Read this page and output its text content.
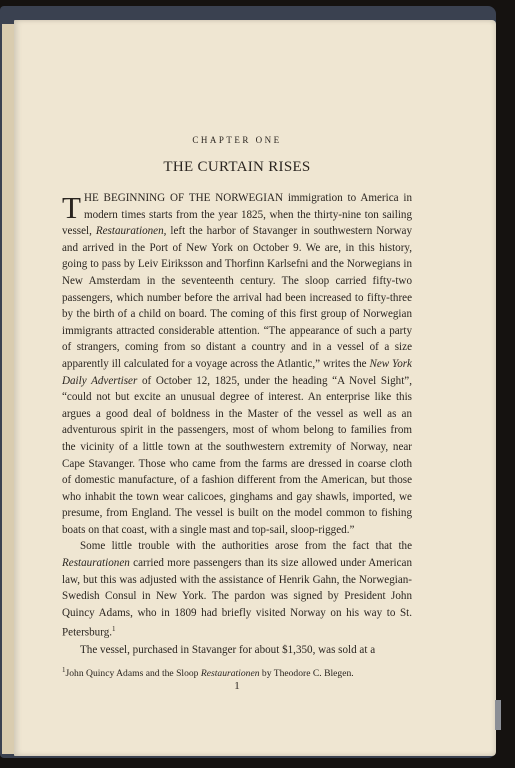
CHAPTER ONE
THE CURTAIN RISES

THE BEGINNING OF THE NORWEGIAN immigration to America in modern times starts from the year 1825, when the thirty-nine ton sailing vessel, Restaurationen, left the harbor of Stavanger in southwestern Norway and arrived in the Port of New York on October 9. We are, in this history, going to pass by Leiv Eiriksson and Thorfinn Karlsefni and the Norwegians in New Amsterdam in the seventeenth century. The sloop carried fifty-two passengers, which number before the arrival had been increased to fifty-three by the birth of a child on board. The coming of this first group of Norwegian immigrants attracted considerable attention. “The appearance of such a party of strangers, coming from so distant a country and in a vessel of a size apparently ill calculated for a voyage across the Atlantic,” writes the New York Daily Advertiser of October 12, 1825, under the heading “A Novel Sight”, “could not but excite an unusual degree of interest. An enterprise like this argues a good deal of boldness in the Master of the vessel as well as an adventurous spirit in the passengers, most of whom belong to families from the vicinity of a little town at the southwestern extremity of Norway, near Cape Stavanger. Those who came from the farms are dressed in coarse cloth of domestic manufacture, of a fashion different from the American, but those who inhabit the town wear calicoes, ginghams and gay shawls, imported, we presume, from England. The vessel is built on the model common to fishing boats on that coast, with a single mast and top-sail, sloop-rigged.”

Some little trouble with the authorities arose from the fact that the Restaurationen carried more passengers than its size allowed under American law, but this was adjusted with the assistance of Henrik Gahn, the Norwegian-Swedish Consul in New York. The pardon was signed by President John Quincy Adams, who in 1809 had briefly visited Norway on his way to St. Petersburg.$^1$

The vessel, purchased in Stavanger for about $1,350, was sold at a

$^1$John Quincy Adams and the Sloop Restaurationen by Theodore C. Blegen.
1
